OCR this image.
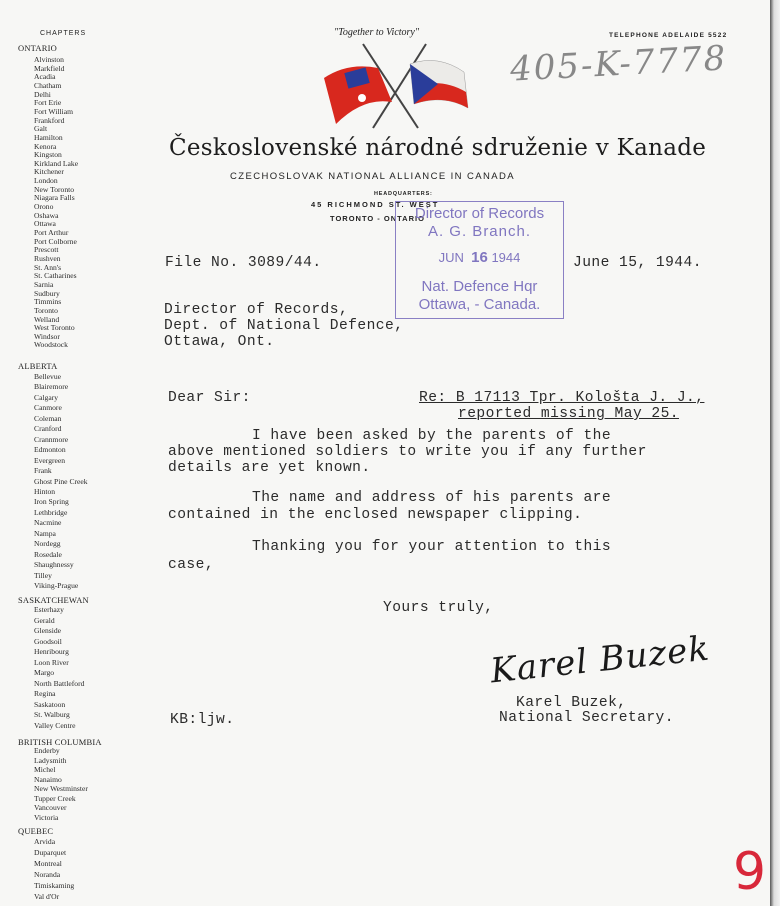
CHAPTERS
ONTARIO
Alvinston
Markfield
Acadia
Chatham
Delhi
Fort Erie
Fort William
Frankford
Galt
Hamilton
Kenora
Kingston
Kirkland Lake
Kitchener
London
New Toronto
Niagara Falls
Orono
Oshawa
Ottawa
Port Arthur
Port Colborne
Prescott
Rushven
St. Ann's
St. Catharines
Sarnia
Sudbury
Timmins
Toronto
Welland
West Toronto
Windsor
Woodstock
ALBERTA
Bellevue
Blairemore
Calgary
Canmore
Coleman
Cranford
Crannmore
Edmonton
Evergreen
Frank
Ghost Pine Creek
Hinton
Iron Spring
Lethbridge
Nacmine
Nampa
Nordegg
Rosedale
Shaughnessy
Tilley
Viking-Prague
SASKATCHEWAN
Esterhazy
Gerald
Glenside
Goodsoil
Henribourg
Loon River
Margo
North Battleford
Regina
Saskatoon
St. Walburg
Valley Centre
BRITISH COLUMBIA
Enderby
Ladysmith
Michel
Nanaimo
New Westminster
Tupper Creek
Vancouver
Victoria
QUEBEC
Arvida
Duparquet
Montreal
Noranda
Timiskaming
Val d'Or
"Together to Victory"	TELEPHONE ADELAIDE 5522
405-K-7778
Československé národné sdruženie v Kanade
CZECHOSLOVAK NATIONAL ALLIANCE IN CANADA
HEADQUARTERS:
45 RICHMOND ST. WEST
TORONTO - ONTARIO
Director of Records
A. G. Branch.
JUN 16 1944
Nat. Defence Hqr
Ottawa, - Canada.
File No. 3089/44.	June 15, 1944.
Director of Records,
Dept. of National Defence,
Ottawa, Ont.
Dear Sir:	Re: B 17113 Tpr. Kološta J. J.,
reported missing May 25.
I have been asked by the parents of the
above mentioned soldiers to write you if any further
details are yet known.
The name and address of his parents are
contained in the enclosed newspaper clipping.
Thanking you for your attention to this
case,
Yours truly,
Karel Buzek
Karel Buzek,
National Secretary.
KB:ljw.
9
